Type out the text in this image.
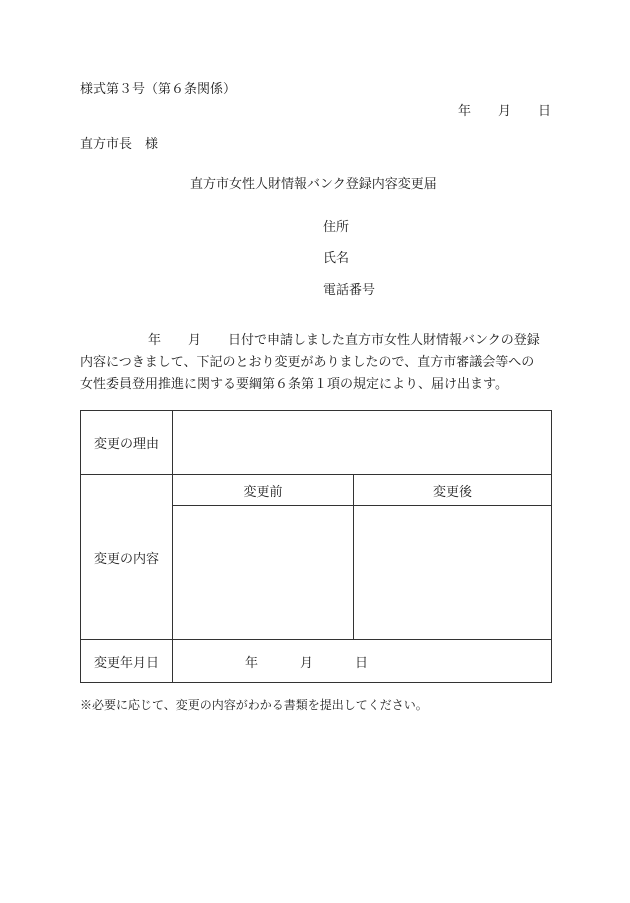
様式第３号（第６条関係）
年 月 日
直方市長　様
直方市女性人財情報バンク登録内容変更届
住所
氏名
電話番号
年 月 日付で申請しました直方市女性人財情報バンクの登録
内容につきまして、下記のとおり変更がありましたので、直方市審議会等への
女性委員登用推進に関する要綱第６条第１項の規定により、届け出ます。
変更の理由		
変更の内容	変更前	変更後

変更年月日	年 月 日	
※必要に応じて、変更の内容がわかる書類を提出してください。
